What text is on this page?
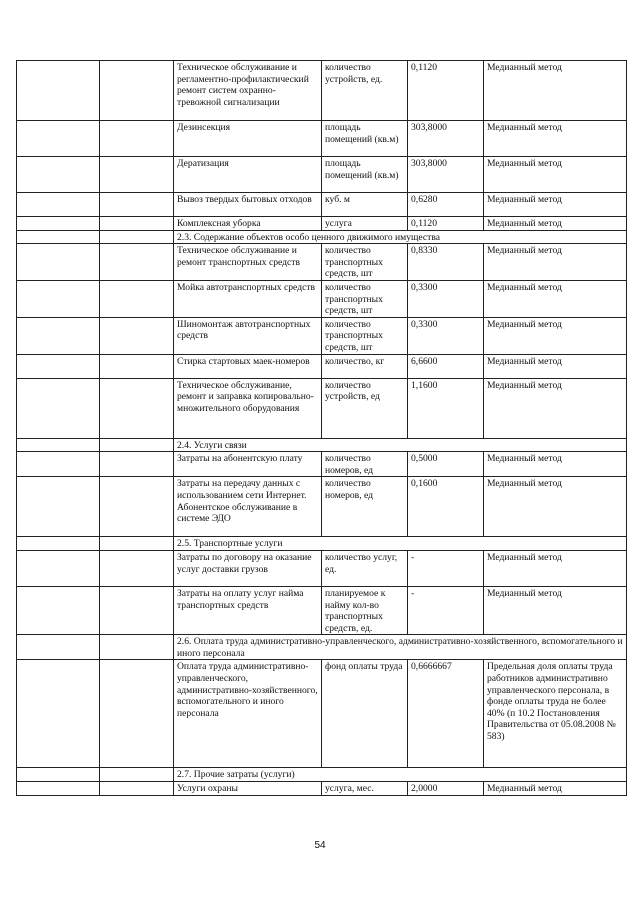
		Техническое обслуживание и регламентно-профилактический ремонт систем охранно-тревожной сигнализации	количество устройств, ед.	0,1120	Медианный метод
		Дезинсекция	площадь помещений (кв.м)	303,8000	Медианный метод
		Дератизация	площадь помещений (кв.м)	303,8000	Медианный метод
		Вывоз твердых бытовых отходов	куб. м	0,6280	Медианный метод
		Комплексная уборка	услуга	0,1120	Медианный метод
		2.3. Содержание объектов особо ценного движимого имущества			
		Техническое обслуживание и ремонт транспортных средств	количество транспортных средств, шт	0,8330	Медианный метод
		Мойка автотранспортных средств	количество транспортных средств, шт	0,3300	Медианный метод
		Шиномонтаж автотранспортных средств	количество транспортных средств, шт	0,3300	Медианный метод
		Стирка стартовых маек-номеров	количество, кг	6,6600	Медианный метод
		Техническое обслуживание, ремонт и заправка копировально-множительного оборудования	количество устройств, ед	1,1600	Медианный метод
		2.4. Услуги связи			
		Затраты на абонентскую плату	количество номеров, ед	0,5000	Медианный метод
		Затраты на передачу данных с использованием сети Интернет. Абонентское обслуживание в системе ЭДО	количество номеров, ед	0,1600	Медианный метод
		2.5. Транспортные услуги			
		Затраты по договору на оказание услуг доставки грузов	количество услуг, ед.	-	Медианный метод
		Затраты на оплату услуг найма транспортных средств	планируемое к найму кол-во транспортных средств, ед.	-	Медианный метод
		2.6. Оплата труда административно-управленческого, административно-хозяйственного, вспомогательного и иного персонала			
		Оплата труда административно-управленческого, административно-хозяйственного, вспомогательного и иного персонала	фонд оплаты труда	0,6666667	Предельная доля оплаты труда работников административно управленческого персонала, в фонде оплаты труда не более 40% (п 10.2 Постановления Правительства от 05.08.2008 № 583)
		2.7. Прочие затраты (услуги)			
		Услуги охраны	услуга, мес.	2,0000	Медианный метод
54
